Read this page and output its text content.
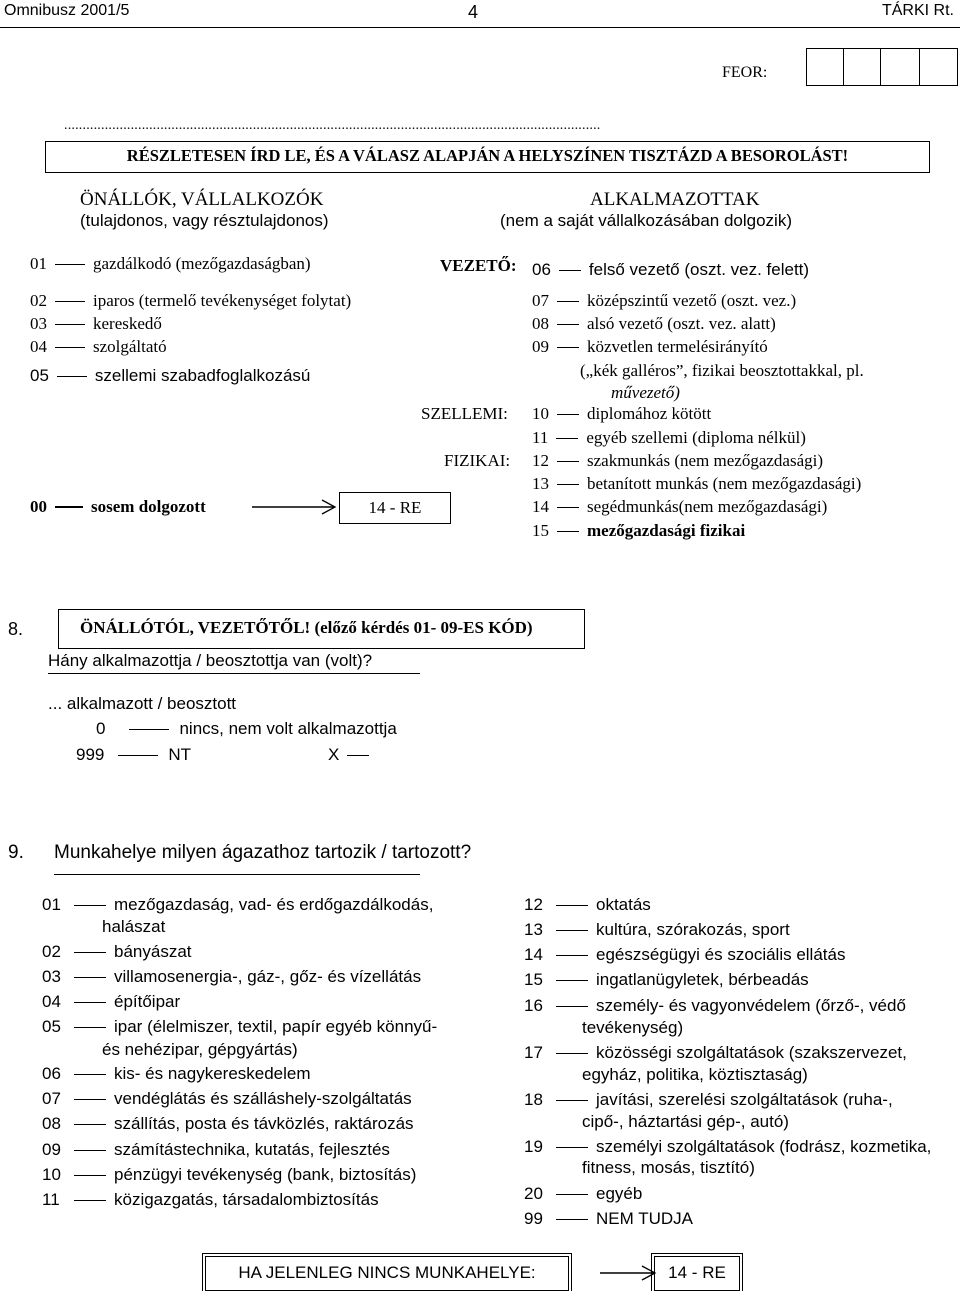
Omnibusz 2001/5	4	TÁRKI Rt.
FEOR:
.................................................................................................................................................
RÉSZLETESEN ÍRD LE, ÉS A VÁLASZ ALAPJÁN A HELYSZÍNEN TISZTÁZD A BESOROLÁST!
ÖNÁLLÓK, VÁLLALKOZÓK
(tulajdonos, vagy résztulajdonos)
ALKALMAZOTTAK
(nem a saját vállalkozásában dolgozik)
01	gazdálkodó (mezőgazdaságban)
02	iparos (termelő tevékenységet folytat)
03	kereskedő
04	szolgáltató
05	szellemi szabadfoglalkozású
00	sosem dolgozott	14 - RE
VEZETŐ:
SZELLEMI:
FIZIKAI:
06 felső vezető (oszt. vez. felett)
07 középszintű vezető (oszt. vez.)
08 alsó vezető (oszt. vez. alatt)
09 közvetlen termelésirányító
(„kék galléros”, fizikai beosztottakkal, pl.
művezető)
10 diplomához kötött
11 egyéb szellemi (diploma nélkül)
12 szakmunkás (nem mezőgazdasági)
13 betanított munkás (nem mezőgazdasági)
14 segédmunkás(nem mezőgazdasági)
15 mezőgazdasági fizikai
8.	ÖNÁLLÓTÓL, VEZETŐTŐL! (előző kérdés 01- 09-ES KÓD)
Hány alkalmazottja / beosztottja van (volt)?
... alkalmazott / beosztott
0	nincs, nem volt alkalmazottja
999	NT	X
9. Munkahelye milyen ágazathoz tartozik / tartozott?
01	mezőgazdaság, vad- és erdőgazdálkodás,
halászat
02	bányászat
03	villamosenergia-, gáz-, gőz- és vízellátás
04	építőipar
05	ipar (élelmiszer, textil, papír egyéb könnyű-
és nehézipar, gépgyártás)
06	kis- és nagykereskedelem
07	vendéglátás és szálláshely-szolgáltatás
08	szállítás, posta és távközlés, raktározás
09	számítástechnika, kutatás, fejlesztés
10	pénzügyi tevékenység (bank, biztosítás)
11	közigazgatás, társadalombiztosítás
12	oktatás
13	kultúra, szórakozás, sport
14	egészségügyi és szociális ellátás
15	ingatlanügyletek, bérbeadás
16	személy- és vagyonvédelem (őrző-, védő
tevékenység)
17	közösségi szolgáltatások (szakszervezet,
egyház, politika, köztisztaság)
18	javítási, szerelési szolgáltatások (ruha-,
cipő-, háztartási gép-, autó)
19	személyi szolgáltatások (fodrász, kozmetika,
fitness, mosás, tisztító)
20	egyéb
99	NEM TUDJA
HA JELENLEG NINCS MUNKAHELYE:	14 - RE
